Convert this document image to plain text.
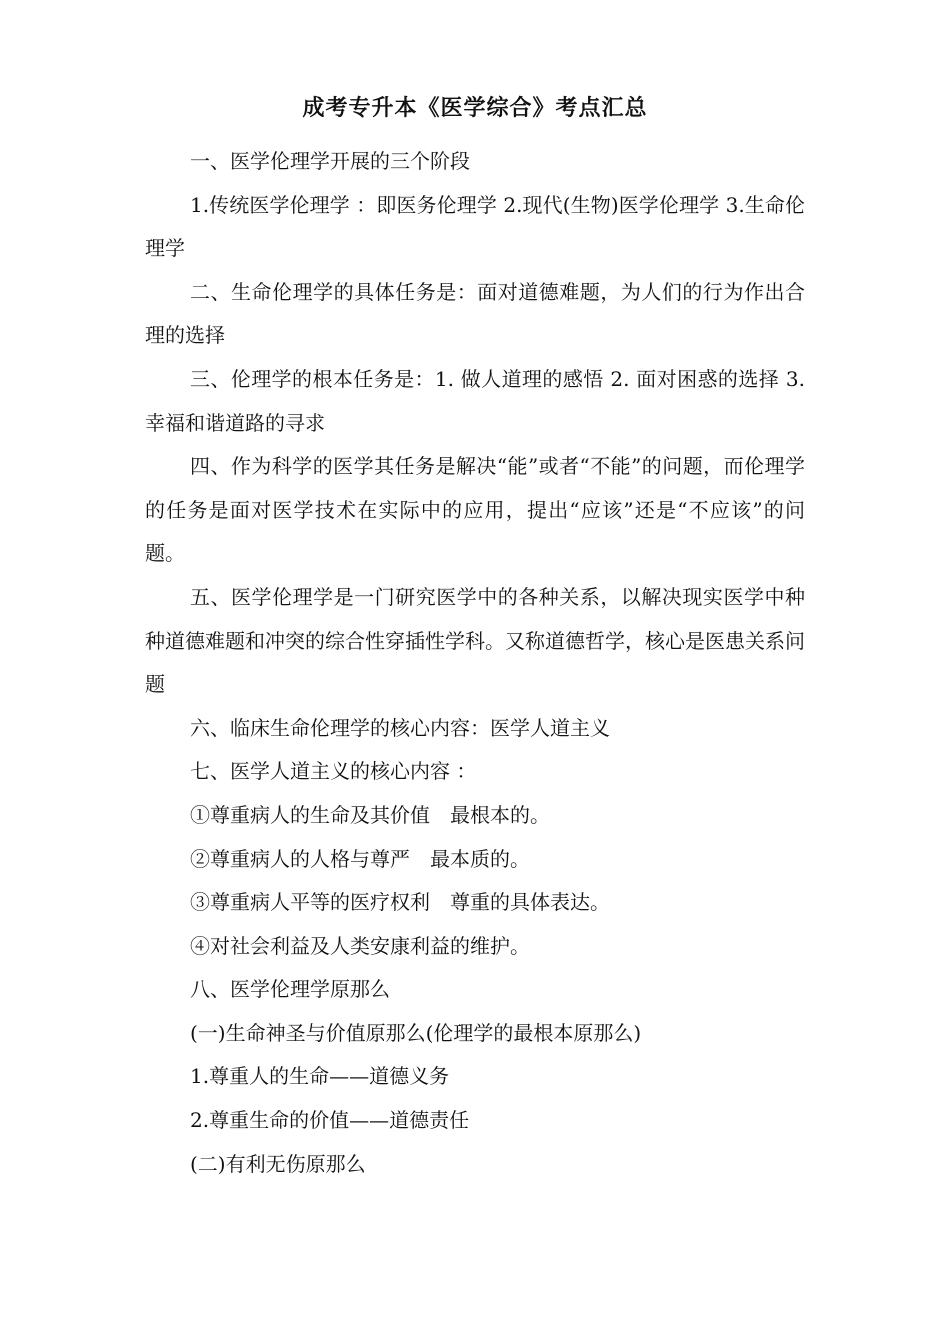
成考专升本《医学综合》考点汇总

一、医学伦理学开展的三个阶段

1.传统医学伦理学 ：即医务伦理学 2.现代(生物)医学伦理学 3.生命伦理学

二、生命伦理学的具体任务是：面对道德难题，为人们的行为作出合理的选择

三、伦理学的根本任务是：1. 做人道理的感悟 2. 面对困惑的选择 3. 幸福和谐道路的寻求

四、作为科学的医学其任务是解决“能”或者“不能”的问题，而伦理学的任务是面对医学技术在实际中的应用，提出“应该”还是“不应该”的问题。

五、医学伦理学是一门研究医学中的各种关系，以解决现实医学中种种道德难题和冲突的综合性穿插性学科。又称道德哲学，核心是医患关系问题

六、临床生命伦理学的核心内容：医学人道主义

七、医学人道主义的核心内容 ：

①尊重病人的生命及其价值　最根本的。

②尊重病人的人格与尊严　最本质的。

③尊重病人平等的医疗权利　尊重的具体表达。

④对社会利益及人类安康利益的维护。

八、医学伦理学原那么

(一)生命神圣与价值原那么(伦理学的最根本原那么)

1.尊重人的生命——道德义务

2.尊重生命的价值——道德责任

(二)有利无伤原那么
